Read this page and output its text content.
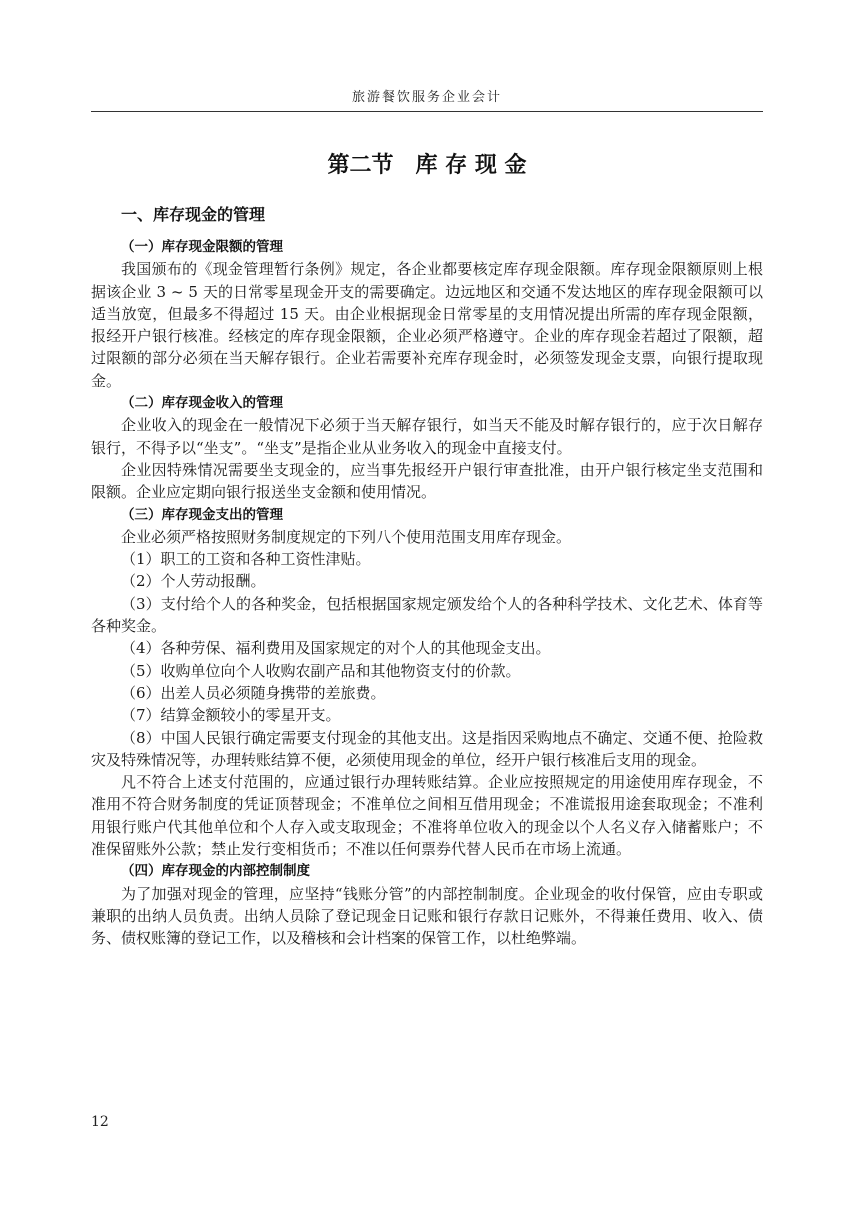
旅游餐饮服务企业会计
第二节 库 存 现 金
一、库存现金的管理
（一）库存现金限额的管理

我国颁布的《现金管理暂行条例》规定，各企业都要核定库存现金限额。库存现金限额原则上根据该企业 3 ~ 5 天的日常零星现金开支的需要确定。边远地区和交通不发达地区的库存现金限额可以适当放宽，但最多不得超过 15 天。由企业根据现金日常零星的支用情况提出所需的库存现金限额，报经开户银行核准。经核定的库存现金限额，企业必须严格遵守。企业的库存现金若超过了限额，超过限额的部分必须在当天解存银行。企业若需要补充库存现金时，必须签发现金支票，向银行提取现金。

（二）库存现金收入的管理

企业收入的现金在一般情况下必须于当天解存银行，如当天不能及时解存银行的，应于次日解存银行，不得予以“坐支”。“坐支”是指企业从业务收入的现金中直接支付。

企业因特殊情况需要坐支现金的，应当事先报经开户银行审查批准，由开户银行核定坐支范围和限额。企业应定期向银行报送坐支金额和使用情况。

（三）库存现金支出的管理

企业必须严格按照财务制度规定的下列八个使用范围支用库存现金。

（1）职工的工资和各种工资性津贴。

（2）个人劳动报酬。

（3）支付给个人的各种奖金，包括根据国家规定颁发给个人的各种科学技术、文化艺术、体育等各种奖金。

（4）各种劳保、福利费用及国家规定的对个人的其他现金支出。

（5）收购单位向个人收购农副产品和其他物资支付的价款。

（6）出差人员必须随身携带的差旅费。

（7）结算金额较小的零星开支。

（8）中国人民银行确定需要支付现金的其他支出。这是指因采购地点不确定、交通不便、抢险救灾及特殊情况等，办理转账结算不便，必须使用现金的单位，经开户银行核准后支用的现金。

凡不符合上述支付范围的，应通过银行办理转账结算。企业应按照规定的用途使用库存现金，不准用不符合财务制度的凭证顶替现金；不准单位之间相互借用现金；不准谎报用途套取现金；不准利用银行账户代其他单位和个人存入或支取现金；不准将单位收入的现金以个人名义存入储蓄账户；不准保留账外公款；禁止发行变相货币；不准以任何票券代替人民币在市场上流通。

（四）库存现金的内部控制制度

为了加强对现金的管理，应坚持“钱账分管”的内部控制制度。企业现金的收付保管，应由专职或兼职的出纳人员负责。出纳人员除了登记现金日记账和银行存款日记账外，不得兼任费用、收入、债务、债权账簿的登记工作，以及稽核和会计档案的保管工作，以杜绝弊端。

12
